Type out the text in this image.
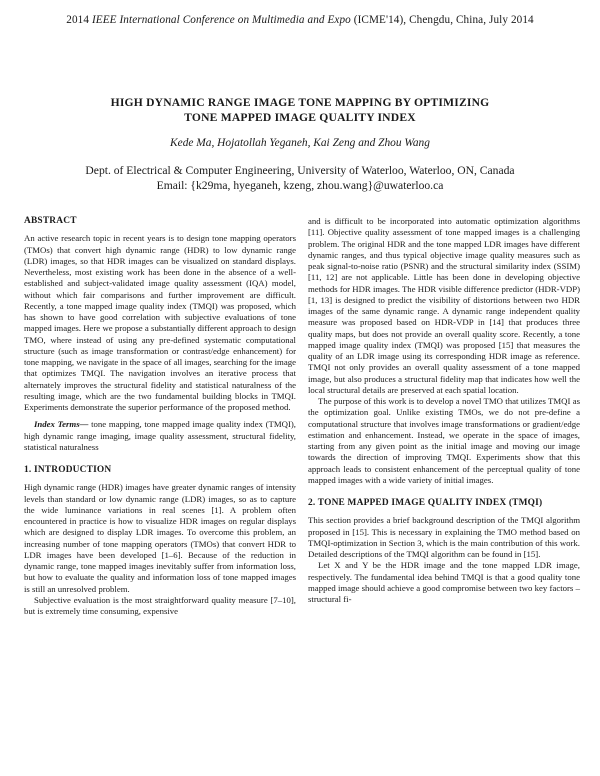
2014 IEEE International Conference on Multimedia and Expo (ICME'14), Chengdu, China, July 2014
HIGH DYNAMIC RANGE IMAGE TONE MAPPING BY OPTIMIZING
TONE MAPPED IMAGE QUALITY INDEX
Kede Ma, Hojatollah Yeganeh, Kai Zeng and Zhou Wang
Dept. of Electrical & Computer Engineering, University of Waterloo, Waterloo, ON, Canada
Email: {k29ma, hyeganeh, kzeng, zhou.wang}@uwaterloo.ca

ABSTRACT

An active research topic in recent years is to design tone mapping operators (TMOs) that convert high dynamic range (HDR) to low dynamic range (LDR) images, so that HDR images can be visualized on standard displays. Nevertheless, most existing work has been done in the absence of a well-established and subject-validated image quality assessment (IQA) model, without which fair comparisons and further improvement are difficult. Recently, a tone mapped image quality index (TMQI) was proposed, which has shown to have good correlation with subjective evaluations of tone mapped images. Here we propose a substantially different approach to design TMO, where instead of using any pre-defined systematic computational structure (such as image transformation or contrast/edge enhancement) for tone mapping, we navigate in the space of all images, searching for the image that optimizes TMQI. The navigation involves an iterative process that alternately improves the structural fidelity and statistical naturalness of the resulting image, which are the two fundamental building blocks in TMQI. Experiments demonstrate the superior performance of the proposed method.

Index Terms— tone mapping, tone mapped image quality index (TMQI), high dynamic range imaging, image quality assessment, structural fidelity, statistical naturalness

1. INTRODUCTION

High dynamic range (HDR) images have greater dynamic ranges of intensity levels than standard or low dynamic range (LDR) images, so as to capture the wide luminance variations in real scenes [1]. A problem often encountered in practice is how to visualize HDR images on regular displays which are designed to display LDR images. To overcome this problem, an increasing number of tone mapping operators (TMOs) that convert HDR to LDR images have been developed [1–6]. Because of the reduction in dynamic range, tone mapped images inevitably suffer from information loss, but how to evaluate the quality and information loss of tone mapped images is still an unresolved problem.

Subjective evaluation is the most straightforward quality measure [7–10], but is extremely time consuming, expensive

and is difficult to be incorporated into automatic optimization algorithms [11]. Objective quality assessment of tone mapped images is a challenging problem. The original HDR and the tone mapped LDR images have different dynamic ranges, and thus typical objective image quality measures such as peak signal-to-noise ratio (PSNR) and the structural similarity index (SSIM) [11, 12] are not applicable. Little has been done in developing objective methods for HDR images. The HDR visible difference predictor (HDR-VDP) [1, 13] is designed to predict the visibility of distortions between two HDR images of the same dynamic range. A dynamic range independent quality measure was proposed based on HDR-VDP in [14] that produces three quality maps, but does not provide an overall quality score. Recently, a tone mapped image quality index (TMQI) was proposed [15] that measures the quality of an LDR image using its corresponding HDR image as reference. TMQI not only provides an overall quality assessment of a tone mapped image, but also produces a structural fidelity map that indicates how well the local structural details are preserved at each spatial location.

The purpose of this work is to develop a novel TMO that utilizes TMQI as the optimization goal. Unlike existing TMOs, we do not pre-define a computational structure that involves image transformations or gradient/edge estimation and enhancement. Instead, we operate in the space of images, starting from any given point as the initial image and moving our image towards the direction of improving TMQI. Experiments show that this approach leads to consistent enhancement of the perceptual quality of tone mapped images with a wide variety of initial images.

2. TONE MAPPED IMAGE QUALITY INDEX (TMQI)

This section provides a brief background description of the TMQI algorithm proposed in [15]. This is necessary in explaining the TMO method based on TMQI-optimization in Section 3, which is the main contribution of this work. Detailed descriptions of the TMQI algorithm can be found in [15].

Let X and Y be the HDR image and the tone mapped LDR image, respectively. The fundamental idea behind TMQI is that a good quality tone mapped image should achieve a good compromise between two key factors – structural fi-
